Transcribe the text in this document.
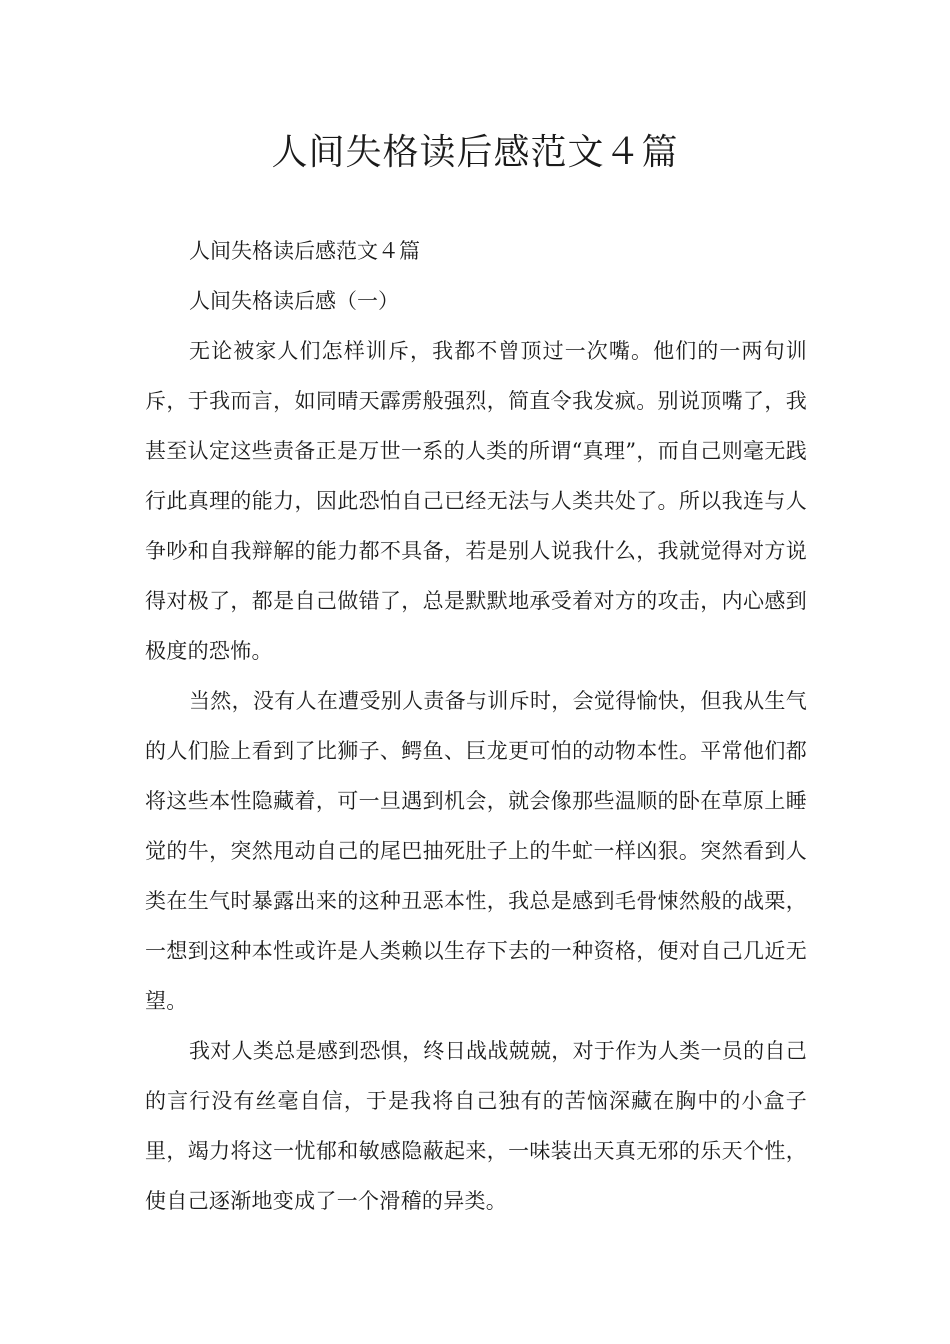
人间失格读后感范文４篇

人间失格读后感范文４篇

人间失格读后感（一）

无论被家人们怎样训斥，我都不曾顶过一次嘴。他们的一两句训斥，于我而言，如同晴天霹雳般强烈，简直令我发疯。别说顶嘴了，我甚至认定这些责备正是万世一系的人类的所谓“真理”，而自己则毫无践行此真理的能力，因此恐怕自己已经无法与人类共处了。所以我连与人争吵和自我辩解的能力都不具备，若是别人说我什么，我就觉得对方说得对极了，都是自己做错了，总是默默地承受着对方的攻击，内心感到极度的恐怖。

当然，没有人在遭受别人责备与训斥时，会觉得愉快，但我从生气的人们脸上看到了比狮子、鳄鱼、巨龙更可怕的动物本性。平常他们都将这些本性隐藏着，可一旦遇到机会，就会像那些温顺的卧在草原上睡觉的牛，突然甩动自己的尾巴抽死肚子上的牛虻一样凶狠。突然看到人类在生气时暴露出来的这种丑恶本性，我总是感到毛骨悚然般的战栗，一想到这种本性或许是人类赖以生存下去的一种资格，便对自己几近无望。

我对人类总是感到恐惧，终日战战兢兢，对于作为人类一员的自己的言行没有丝毫自信，于是我将自己独有的苦恼深藏在胸中的小盒子里，竭力将这一忧郁和敏感隐蔽起来，一味装出天真无邪的乐天个性，使自己逐渐地变成了一个滑稽的异类。
